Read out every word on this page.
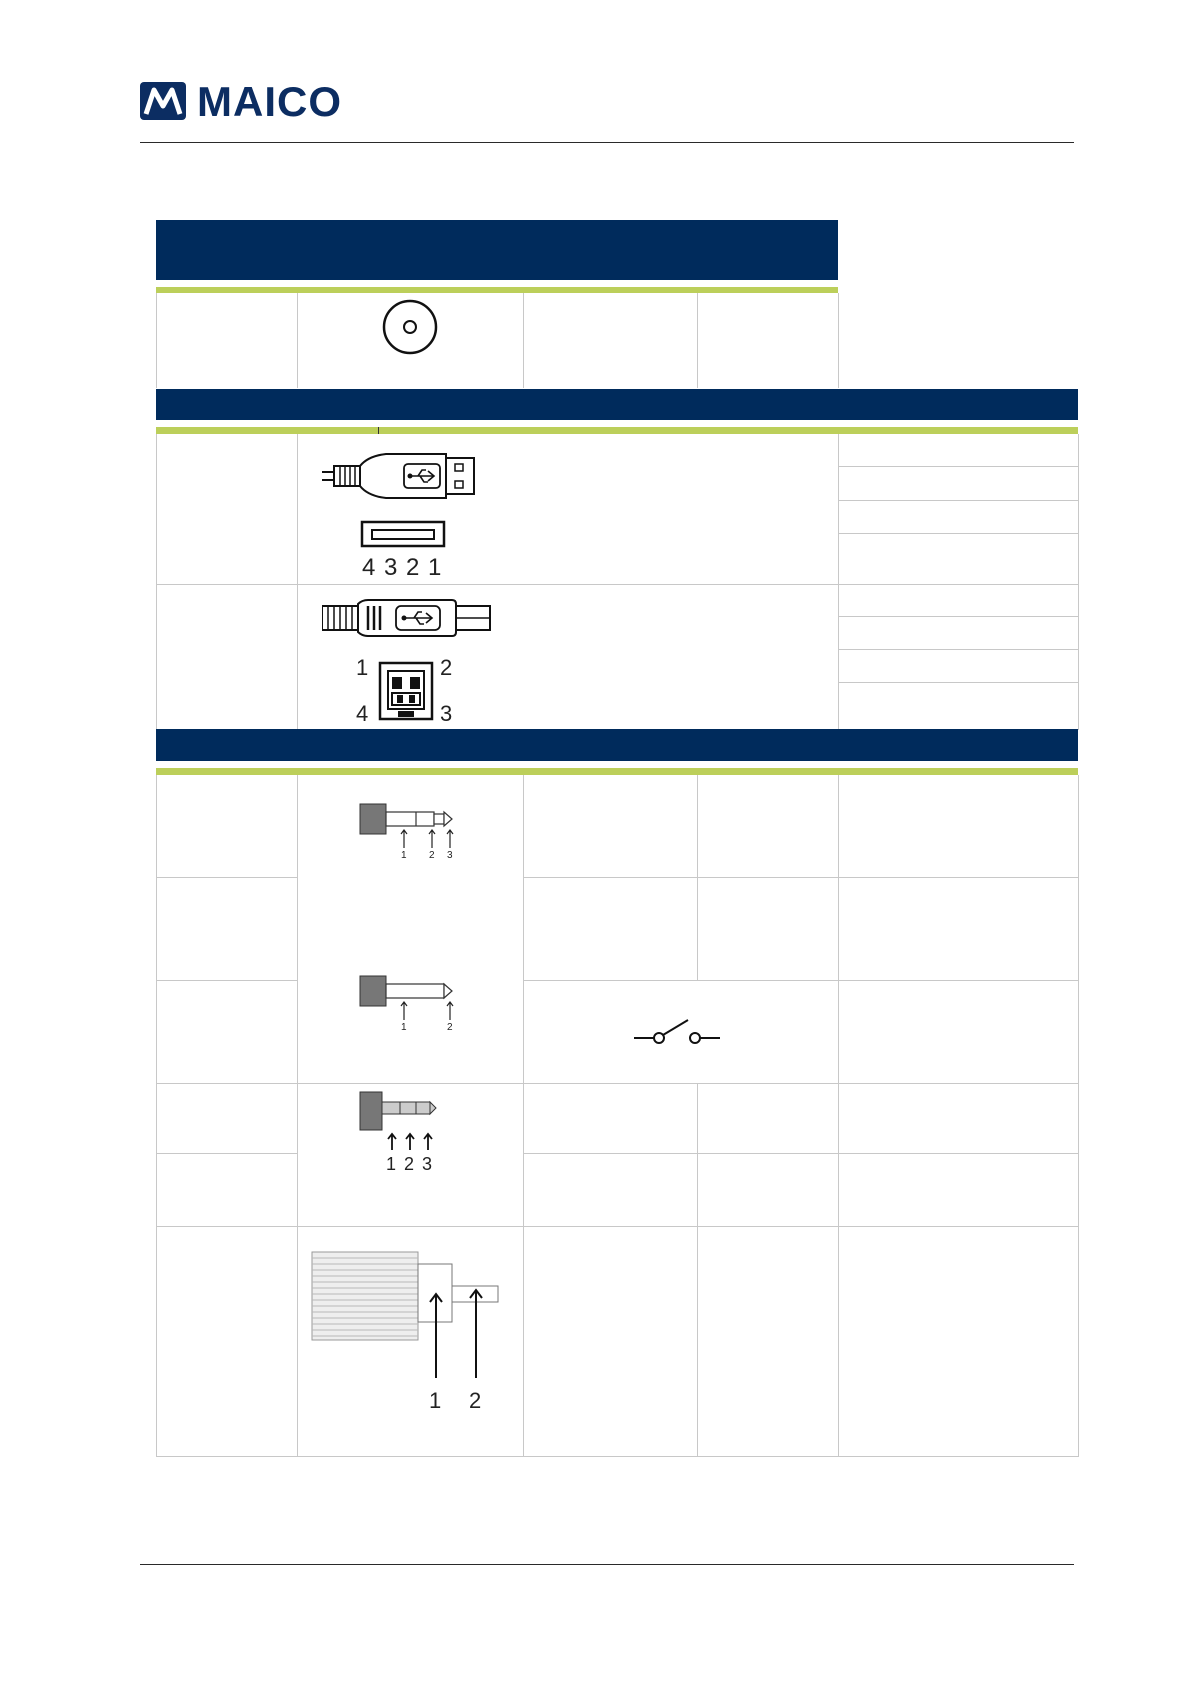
MAICO
4 3 2 1
1	2
4	3
1 2 3
1	2
1 2 3
1 2
